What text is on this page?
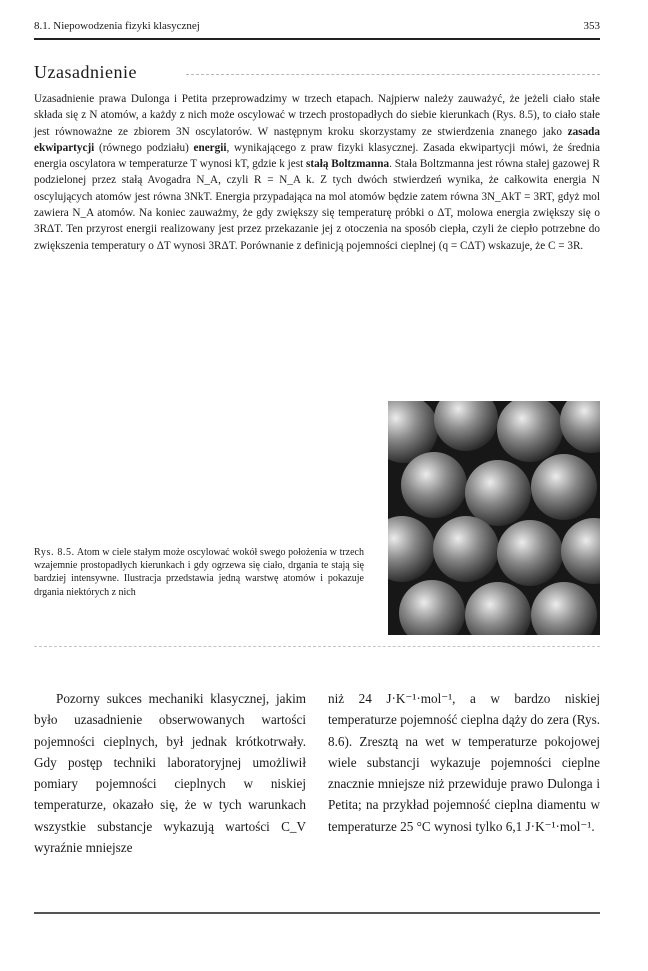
8.1. Niepowodzenia fizyki klasycznej	353
Uzasadnienie
Uzasadnienie prawa Dulonga i Petita przeprowadzimy w trzech etapach. Najpierw należy zauważyć, że jeżeli ciało stałe składa się z N atomów, a każdy z nich może oscylować w trzech prostopadłych do siebie kierunkach (Rys. 8.5), to ciało stałe jest równoważne ze zbiorem 3N oscylatorów. W następnym kroku skorzystamy ze stwierdzenia znanego jako zasada ekwipartycji (równego podziału) energii, wynikającego z praw fizyki klasycznej. Zasada ekwipartycji mówi, że średnia energia oscylatora w temperaturze T wynosi kT, gdzie k jest stałą Boltzmanna. Stała Boltzmanna jest równa stałej gazowej R podzielonej przez stałą Avogadra N_A, czyli R = N_A k. Z tych dwóch stwierdzeń wynika, że całkowita energia N oscylujących atomów jest równa 3NkT. Energia przypadająca na mol atomów będzie zatem równa 3N_AkT = 3RT, gdyż mol zawiera N_A atomów. Na koniec zauważmy, że gdy zwiększy się temperaturę próbki o ΔT, molowa energia zwiększy się o 3RΔT. Ten przyrost energii realizowany jest przez przekazanie jej z otoczenia na sposób ciepła, czyli że ciepło potrzebne do zwiększenia temperatury o ΔT wynosi 3RΔT. Porównanie z definicją pojemności cieplnej (q = CΔT) wskazuje, że C = 3R.
Rys. 8.5. Atom w ciele stałym może oscylować wokół swego położenia w trzech wzajemnie prostopadłych kierunkach i gdy ogrzewa się ciało, drgania te stają się bardziej intensywne. Ilustracja przedstawia jedną warstwę atomów i pokazuje drgania niektórych z nich
Pozorny sukces mechaniki klasycznej, jakim było uzasadnienie obserwowanych wartości pojemności cieplnych, był jednak krótkotrwały. Gdy postęp techniki laboratoryjnej umożliwił pomiary pojemności cieplnych w niskiej temperaturze, okazało się, że w tych warunkach wszystkie substancje wykazują wartości C_V wyraźnie mniejsze
niż 24 J·K⁻¹·mol⁻¹, a w bardzo niskiej temperaturze pojemność cieplna dąży do zera (Rys. 8.6). Zresztą na wet w temperaturze pokojowej wiele substancji wykazuje pojemności cieplne znacznie mniejsze niż przewiduje prawo Dulonga i Petita; na przykład pojemność cieplna diamentu w temperaturze 25 °C wynosi tylko 6,1 J·K⁻¹·mol⁻¹.
